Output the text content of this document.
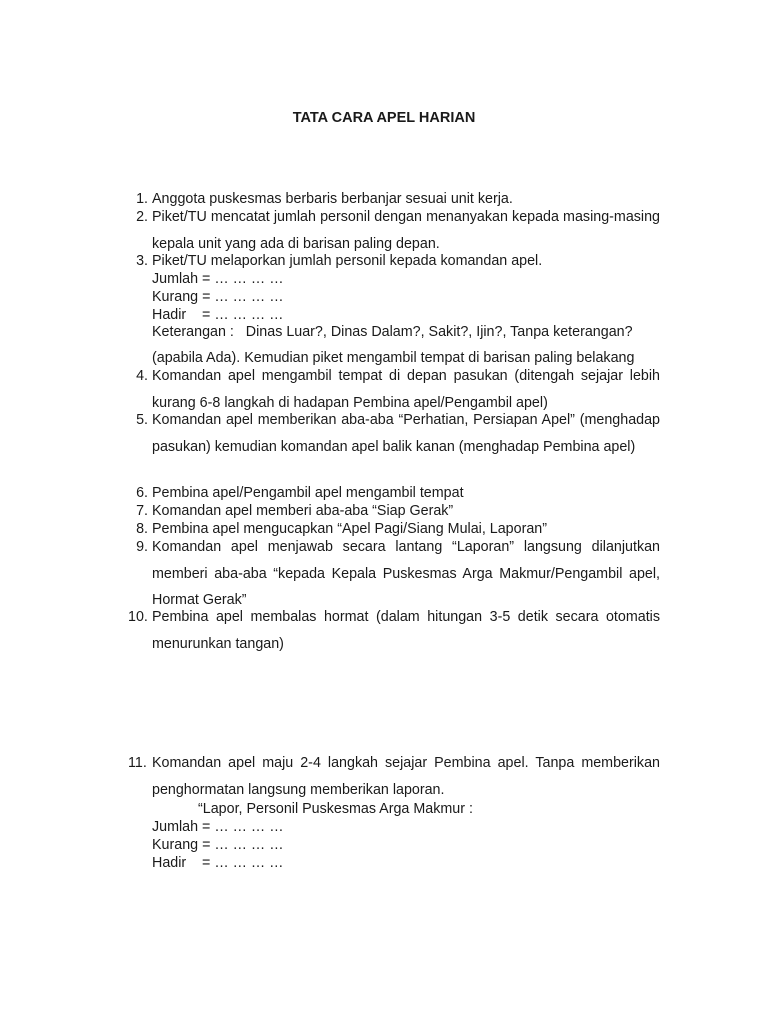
TATA CARA APEL HARIAN
1. Anggota puskesmas berbaris berbanjar sesuai unit kerja.
2. Piket/TU mencatat jumlah personil dengan menanyakan kepada masing-masing kepala unit yang ada di barisan paling depan.
3. Piket/TU melaporkan jumlah personil kepada komandan apel.
Jumlah = … … … …
Kurang = … … … …
Hadir    = … … … …
Keterangan :   Dinas Luar?, Dinas Dalam?, Sakit?, Ijin?, Tanpa keterangan?
(apabila Ada). Kemudian piket mengambil tempat di barisan paling belakang
4. Komandan apel mengambil tempat di depan pasukan (ditengah sejajar lebih kurang 6-8 langkah di hadapan Pembina apel/Pengambil apel)
5. Komandan apel memberikan aba-aba “Perhatian, Persiapan Apel” (menghadap pasukan) kemudian komandan apel balik kanan (menghadap Pembina apel)
6. Pembina apel/Pengambil apel mengambil tempat
7. Komandan apel memberi aba-aba “Siap Gerak”
8. Pembina apel mengucapkan “Apel Pagi/Siang Mulai, Laporan”
9. Komandan apel menjawab secara lantang “Laporan” langsung dilanjutkan memberi aba-aba “kepada Kepala Puskesmas Arga Makmur/Pengambil apel, Hormat Gerak”
10. Pembina apel membalas hormat (dalam hitungan 3-5 detik secara otomatis menurunkan tangan)
11. Komandan apel maju 2-4 langkah sejajar Pembina apel. Tanpa memberikan penghormatan langsung memberikan laporan.
“Lapor, Personil Puskesmas Arga Makmur :
Jumlah = … … … …
Kurang = … … … …
Hadir    = … … … …
